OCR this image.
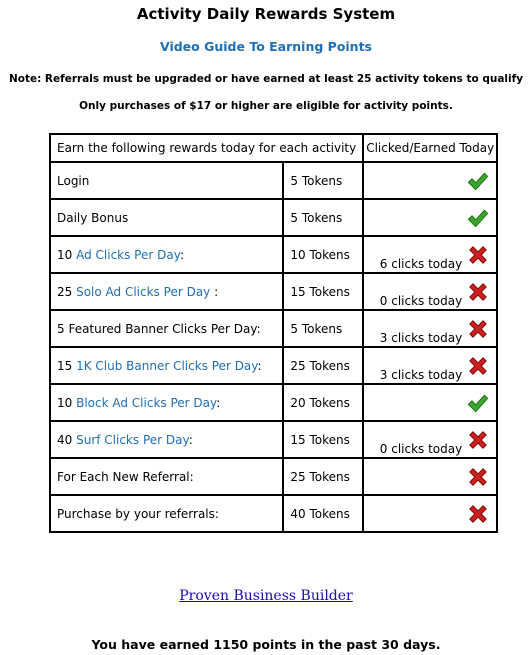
Activity Daily Rewards System
Video Guide To Earning Points
Note: Referrals must be upgraded or have earned at least 25 activity tokens to qualify
Only purchases of $17 or higher are eligible for activity points.
Earn the following rewards today for each activity		Clicked/Earned Today
Login	5 Tokens	

Daily Bonus	5 Tokens	

10 Ad Clicks Per Day:	10 Tokens	6 clicks today

25 Solo Ad Clicks Per Day :	15 Tokens	0 clicks today

5 Featured Banner Clicks Per Day:	5 Tokens	3 clicks today

15 1K Club Banner Clicks Per Day:	25 Tokens	3 clicks today

10 Block Ad Clicks Per Day:	20 Tokens	

40 Surf Clicks Per Day:	15 Tokens	0 clicks today

For Each New Referral:	25 Tokens	

Purchase by your referrals:	40 Tokens	
Proven Business Builder
You have earned 1150 points in the past 30 days.
